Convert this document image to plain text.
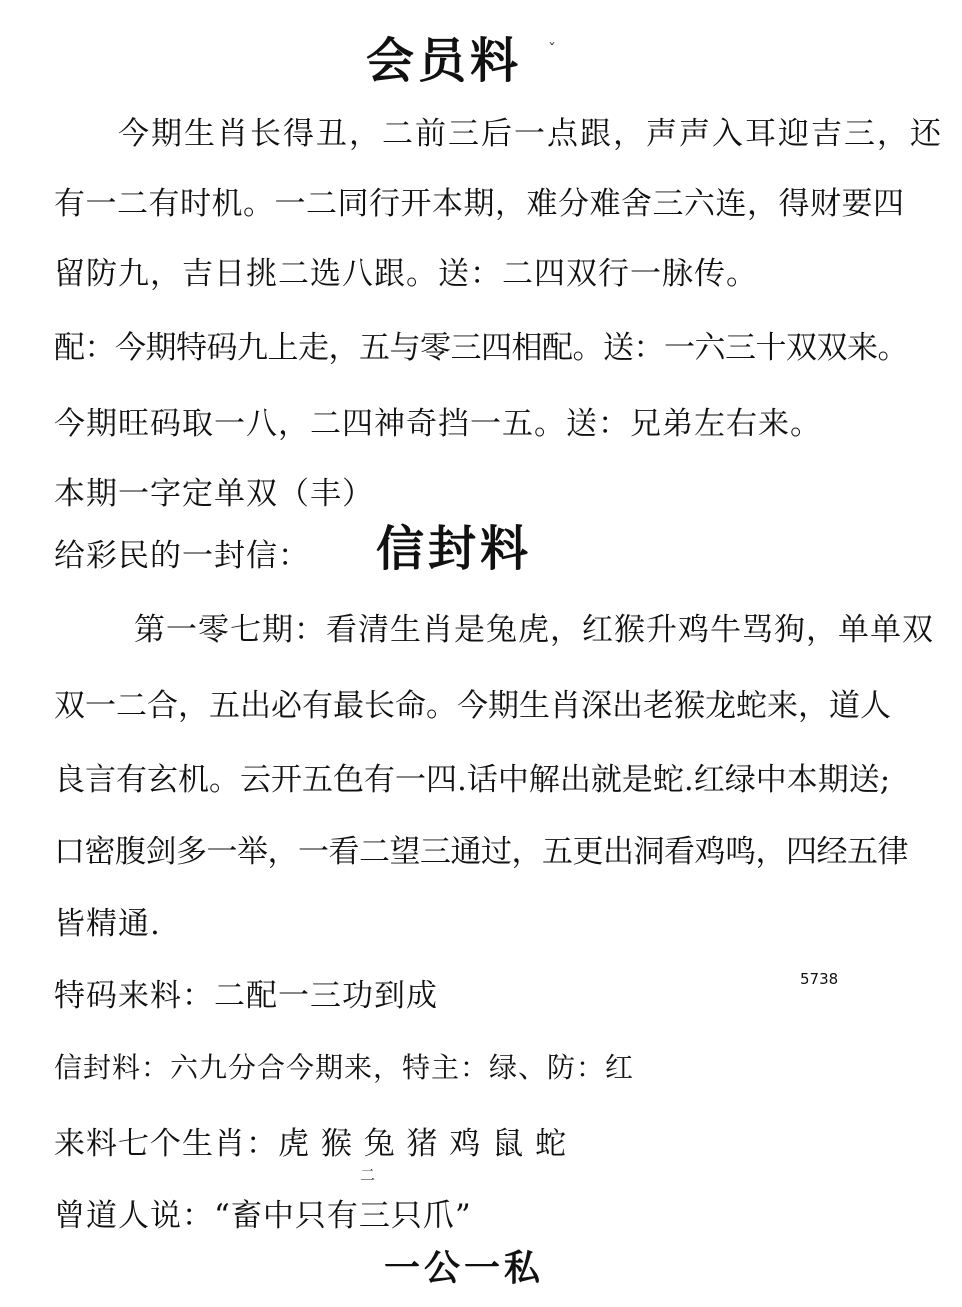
会员料 ˇ
今期生肖长得丑，二前三后一点跟，声声入耳迎吉三，还
有一二有时机。一二同行开本期，难分难舍三六连，得财要四
留防九，吉日挑二选八跟。送：二四双行一脉传。
配：今期特码九上走，五与零三四相配。送：一六三十双双来。
今期旺码取一八，二四神奇挡一五。送：兄弟左右来。
本期一字定单双（丰）
给彩民的一封信： 信封料
第一零七期：看清生肖是兔虎，红猴升鸡牛骂狗，单单双
双一二合，五出必有最长命。今期生肖深出老猴龙蛇来，道人
良言有玄机。云开五色有一四.话中解出就是蛇.红绿中本期送;
口密腹剑多一举，一看二望三通过，五更出洞看鸡鸣，四经五律
皆精通.
特码来料：二配一三功到成	5738
信封料：六九分合今期来，特主：绿、防：红
来料七个生肖：虎 猴 兔 猪 鸡 鼠 蛇
二
曾道人说：“畜中只有三只爪”
一公一私
